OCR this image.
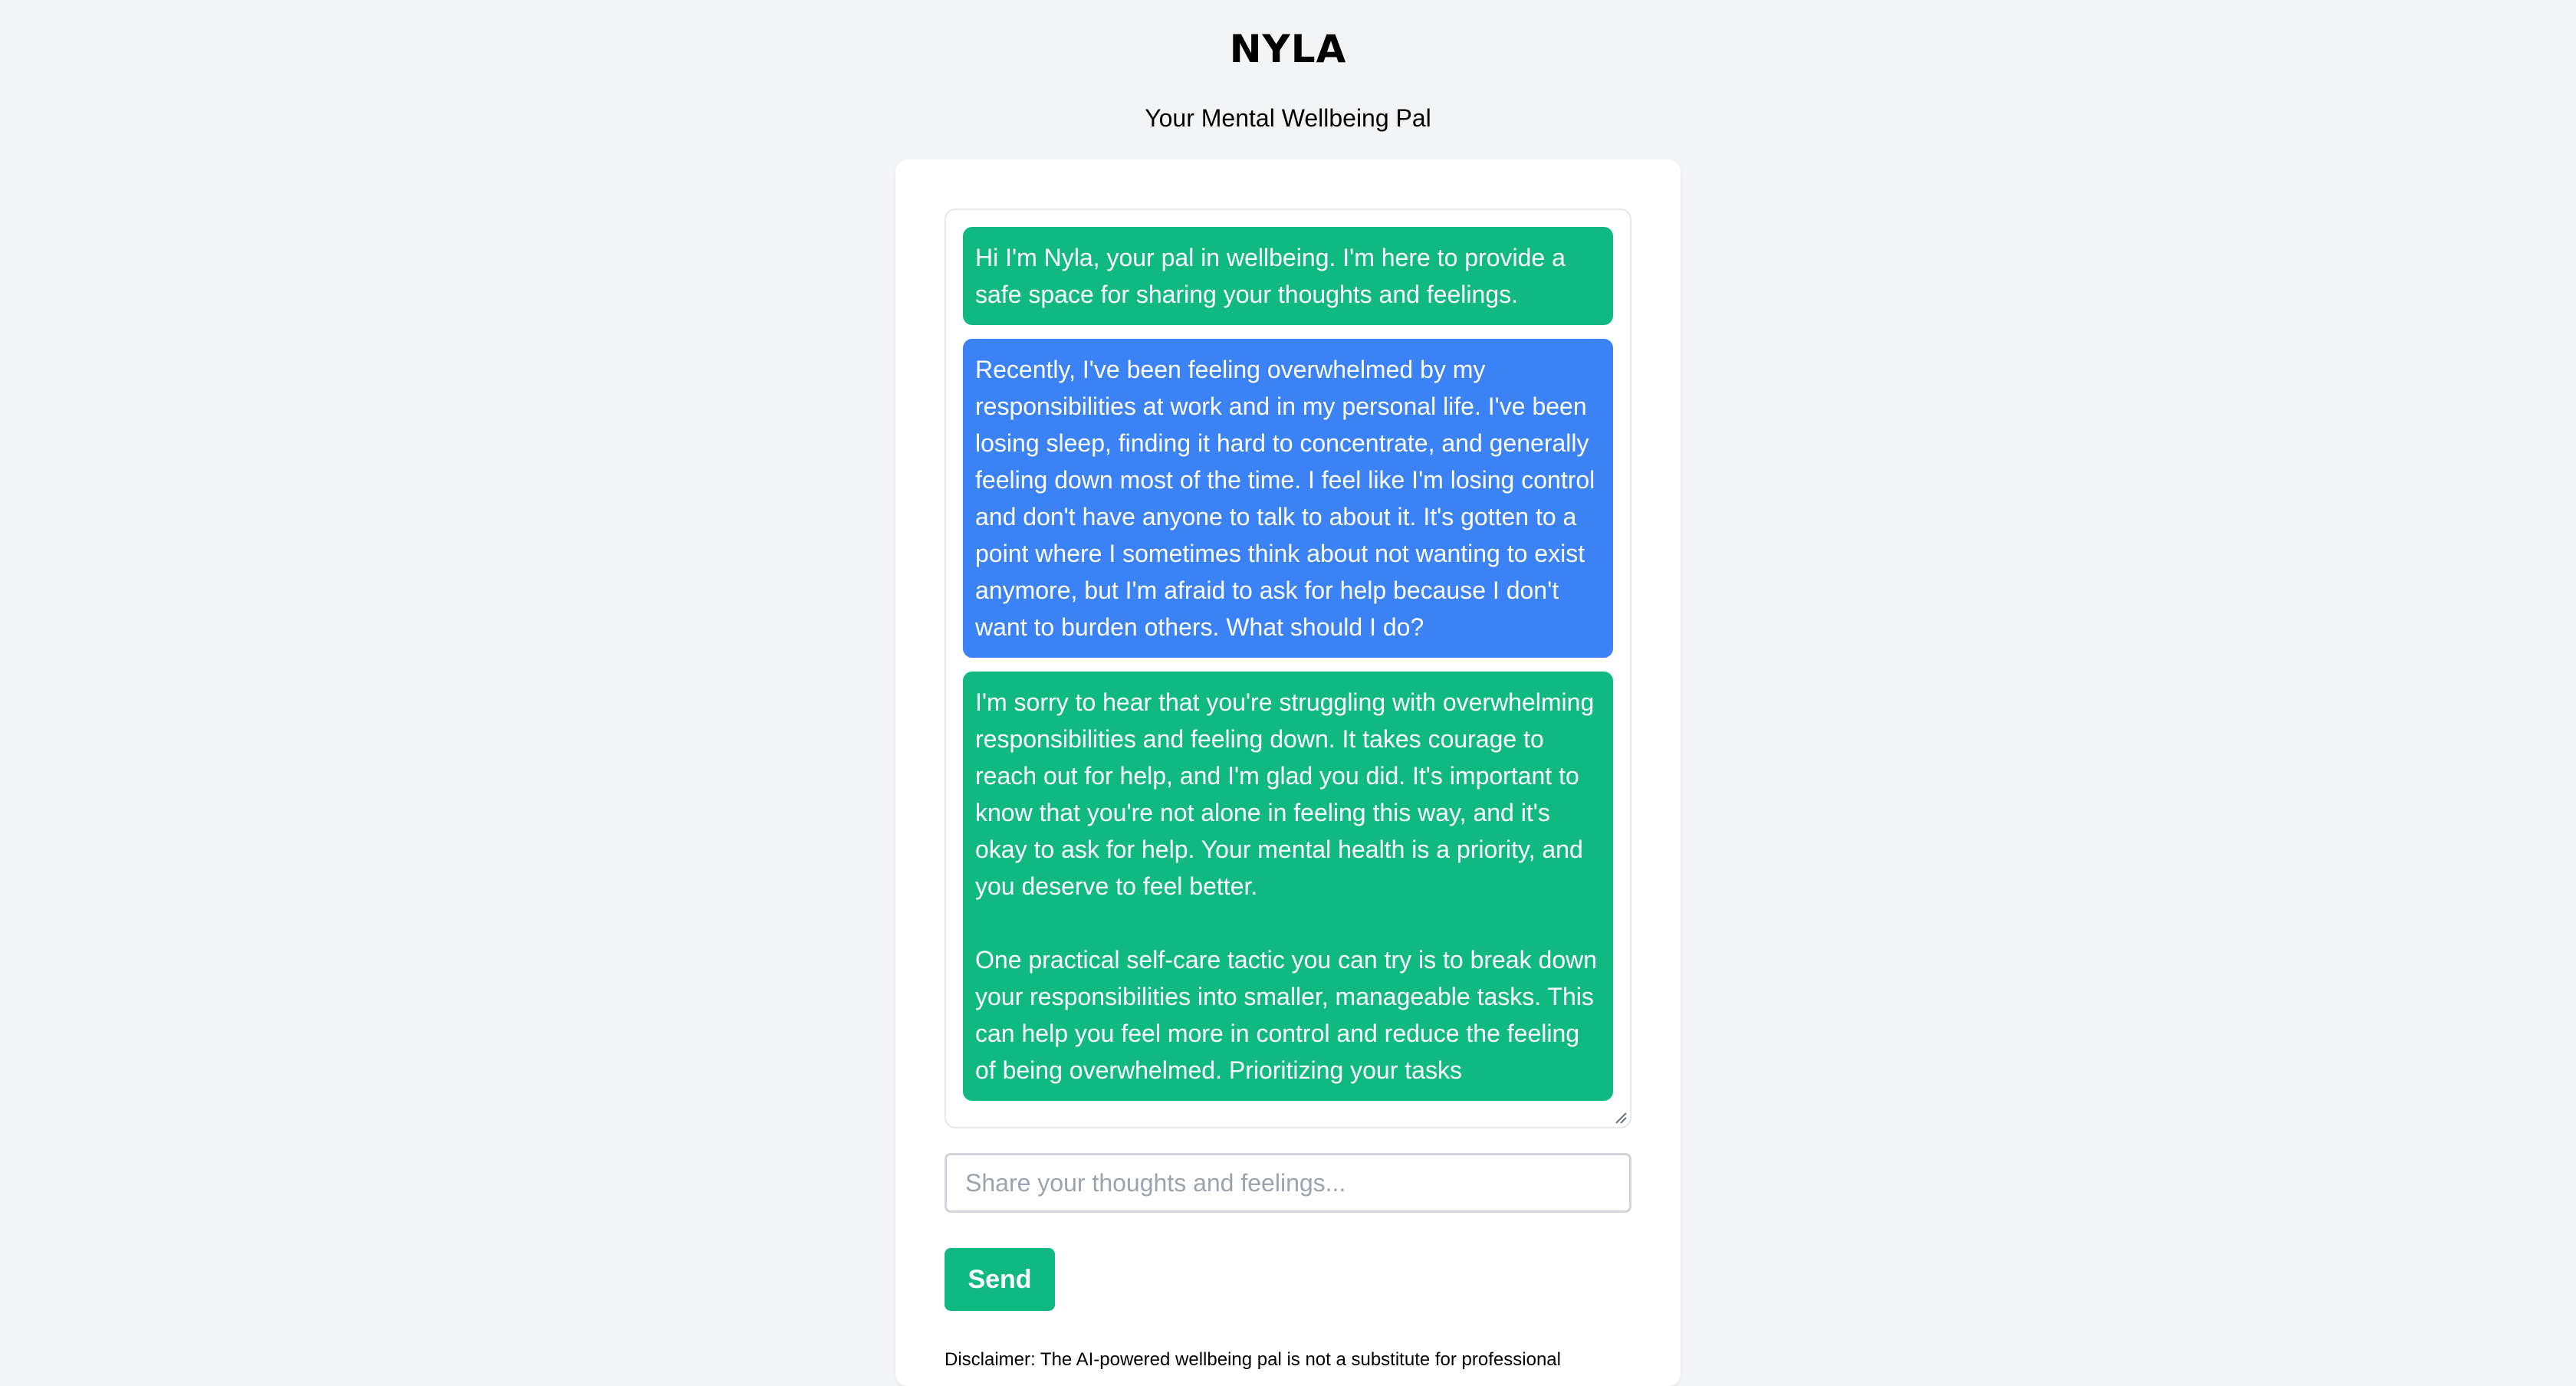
NYLA
Your Mental Wellbeing Pal
Hi I'm Nyla, your pal in wellbeing. I'm here to provide a safe space for sharing your thoughts and feelings.
Recently, I've been feeling overwhelmed by my responsibilities at work and in my personal life. I've been losing sleep, finding it hard to concentrate, and generally feeling down most of the time. I feel like I'm losing control and don't have anyone to talk to about it. It's gotten to a point where I sometimes think about not wanting to exist anymore, but I'm afraid to ask for help because I don't want to burden others. What should I do?
I'm sorry to hear that you're struggling with overwhelming responsibilities and feeling down. It takes courage to reach out for help, and I'm glad you did. It's important to know that you're not alone in feeling this way, and it's okay to ask for help. Your mental health is a priority, and you deserve to feel better.

One practical self-care tactic you can try is to break down your responsibilities into smaller, manageable tasks. This can help you feel more in control and reduce the feeling of being overwhelmed. Prioritizing your tasks
Share your thoughts and feelings...
Send
Disclaimer: The AI-powered wellbeing pal is not a substitute for professional
